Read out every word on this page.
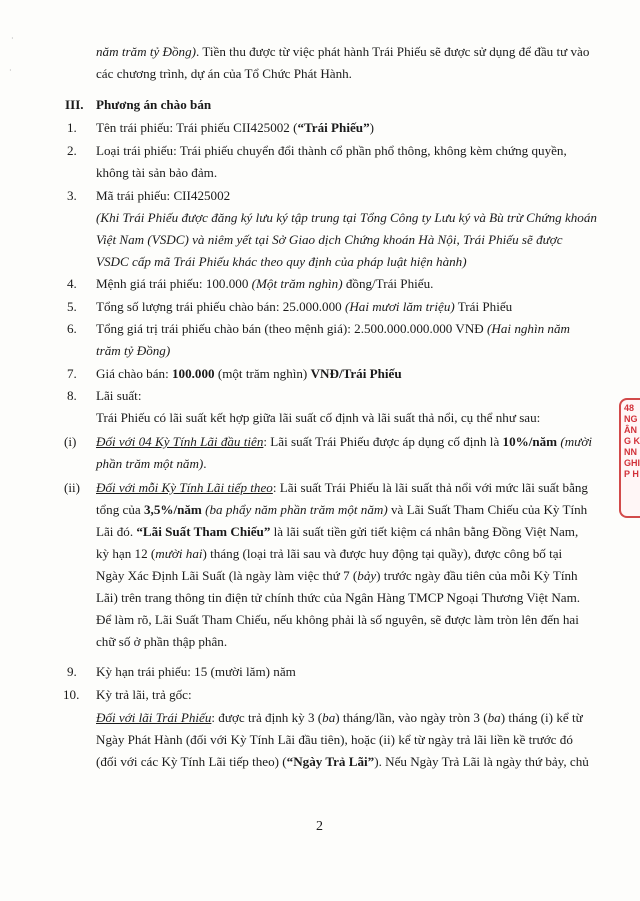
·
·
năm trăm tỷ Đồng). Tiền thu được từ việc phát hành Trái Phiếu sẽ được sử dụng để đầu tư vào
các chương trình, dự án của Tổ Chức Phát Hành.
III. Phương án chào bán
1. Tên trái phiếu: Trái phiếu CII425002 (“Trái Phiếu”)
2. Loại trái phiếu: Trái phiếu chuyển đổi thành cổ phần phổ thông, không kèm chứng quyền,
không tài sản bảo đảm.
3. Mã trái phiếu: CII425002
(Khi Trái Phiếu được đăng ký lưu ký tập trung tại Tổng Công ty Lưu ký và Bù trừ Chứng khoán
Việt Nam (VSDC) và niêm yết tại Sở Giao dịch Chứng khoán Hà Nội, Trái Phiếu sẽ được
VSDC cấp mã Trái Phiếu khác theo quy định của pháp luật hiện hành)
4. Mệnh giá trái phiếu: 100.000 (Một trăm nghìn) đồng/Trái Phiếu.
5. Tổng số lượng trái phiếu chào bán: 25.000.000 (Hai mươi lăm triệu) Trái Phiếu
6. Tổng giá trị trái phiếu chào bán (theo mệnh giá): 2.500.000.000.000 VNĐ (Hai nghìn năm
trăm tỷ Đồng)
7. Giá chào bán: 100.000 (một trăm nghìn) VNĐ/Trái Phiếu
8. Lãi suất:
Trái Phiếu có lãi suất kết hợp giữa lãi suất cố định và lãi suất thả nổi, cụ thể như sau:
(i) Đối với 04 Kỳ Tính Lãi đầu tiên: Lãi suất Trái Phiếu được áp dụng cố định là 10%/năm (mười
phần trăm một năm).
(ii) Đối với mỗi Kỳ Tính Lãi tiếp theo: Lãi suất Trái Phiếu là lãi suất thả nổi với mức lãi suất bằng
tổng của 3,5%/năm (ba phẩy năm phần trăm một năm) và Lãi Suất Tham Chiếu của Kỳ Tính
Lãi đó. “Lãi Suất Tham Chiếu” là lãi suất tiền gửi tiết kiệm cá nhân bằng Đồng Việt Nam,
kỳ hạn 12 (mười hai) tháng (loại trả lãi sau và được huy động tại quầy), được công bố tại
Ngày Xác Định Lãi Suất (là ngày làm việc thứ 7 (bảy) trước ngày đầu tiên của mỗi Kỳ Tính
Lãi) trên trang thông tin điện tử chính thức của Ngân Hàng TMCP Ngoại Thương Việt Nam.
Để làm rõ, Lãi Suất Tham Chiếu, nếu không phải là số nguyên, sẽ được làm tròn lên đến hai
chữ số ở phần thập phân.
9. Kỳ hạn trái phiếu: 15 (mười lăm) năm
10. Kỳ trả lãi, trả gốc:
Đối với lãi Trái Phiếu: được trả định kỳ 3 (ba) tháng/lần, vào ngày tròn 3 (ba) tháng (i) kể từ
Ngày Phát Hành (đối với Kỳ Tính Lãi đầu tiên), hoặc (ii) kể từ ngày trả lãi liền kề trước đó
(đối với các Kỳ Tính Lãi tiếp theo) (“Ngày Trả Lãi”). Nếu Ngày Trả Lãi là ngày thứ bảy, chủ
2
48
NG
ÂN
G K
NN
GHI
P H
